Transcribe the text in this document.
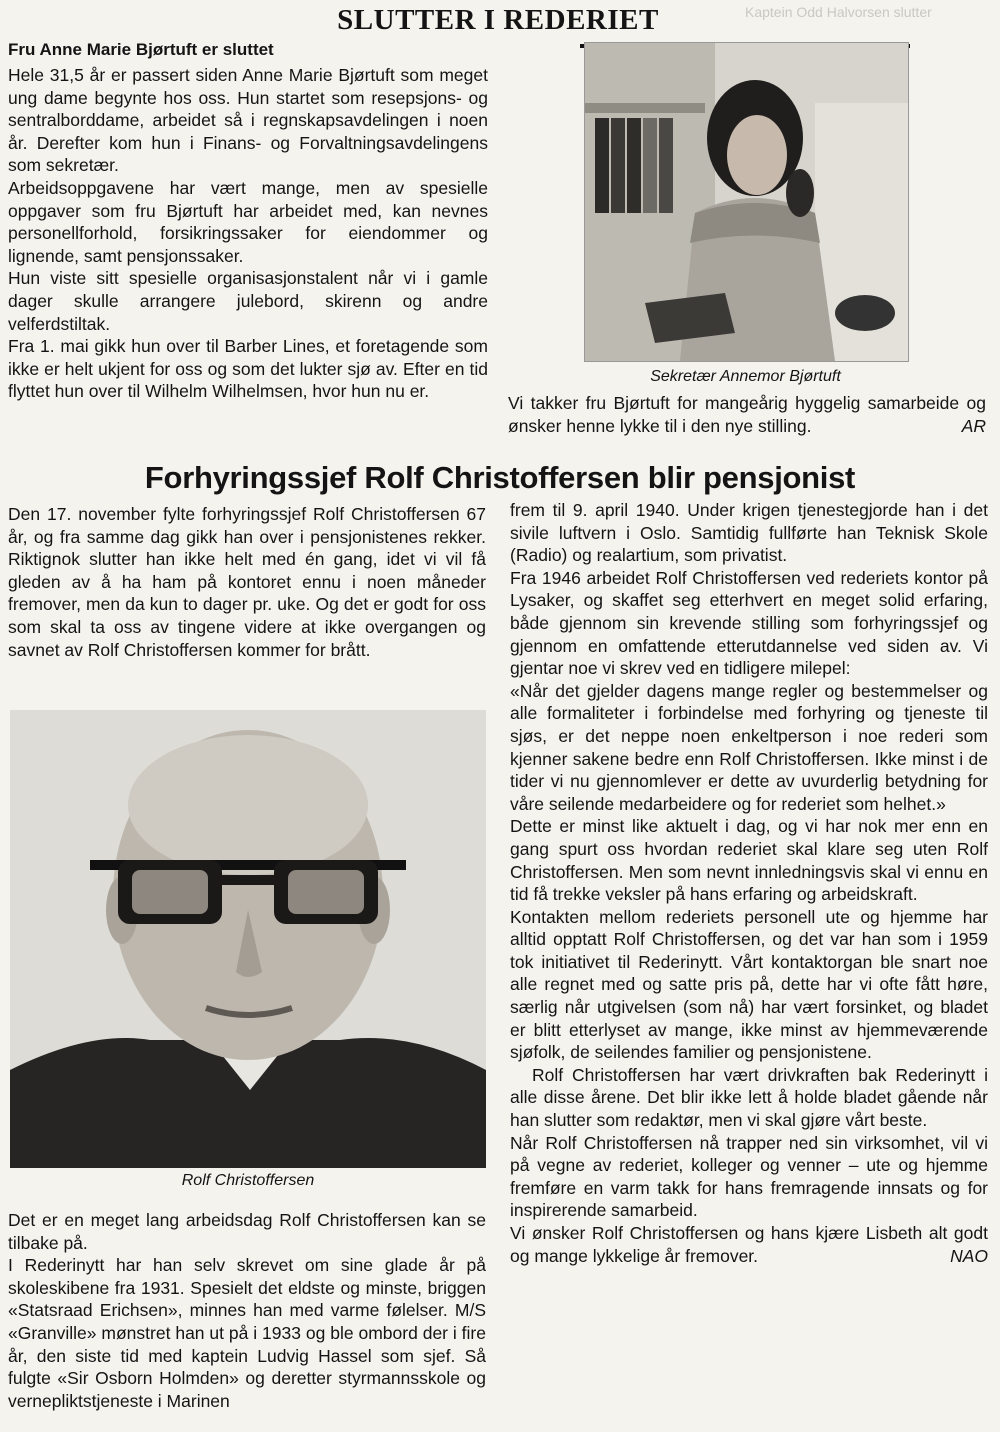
Kaptein Odd Halvorsen slutter
SLUTTER I REDERIET
Fru Anne Marie Bjørtuft er sluttet

Hele 31,5 år er passert siden Anne Marie Bjørtuft som meget ung dame begynte hos oss. Hun startet som resepsjons- og sentralborddame, arbeidet så i regnskapsavdelingen i noen år. Derefter kom hun i Finans- og Forvaltningsavdelingens som sekretær.

Arbeidsoppgavene har vært mange, men av spesielle oppgaver som fru Bjørtuft har arbeidet med, kan nevnes personellforhold, forsikringssaker for eiendommer og lignende, samt pensjonssaker.

Hun viste sitt spesielle organisasjonstalent når vi i gamle dager skulle arrangere julebord, skirenn og andre velferdstiltak.

Fra 1. mai gikk hun over til Barber Lines, et foretagende som ikke er helt ukjent for oss og som det lukter sjø av. Efter en tid flyttet hun over til Wilhelm Wilhelmsen, hvor hun nu er.

Sekretær Annemor Bjørtuft
Vi takker fru Bjørtuft for mangeårig hyggelig samarbeide og ønsker henne lykke til i den nye stilling.	AR
Forhyringssjef Rolf Christoffersen blir pensjonist

Den 17. november fylte forhyringssjef Rolf Christoffersen 67 år, og fra samme dag gikk han over i pensjonistenes rekker. Riktignok slutter han ikke helt med én gang, idet vi vil få gleden av å ha ham på kontoret ennu i noen måneder fremover, men da kun to dager pr. uke. Og det er godt for oss som skal ta oss av tingene videre at ikke overgangen og savnet av Rolf Christoffersen kommer for brått.

Rolf Christoffersen

Det er en meget lang arbeidsdag Rolf Christoffersen kan se tilbake på.

I Rederinytt har han selv skrevet om sine glade år på skoleskibene fra 1931. Spesielt det eldste og minste, briggen «Statsraad Erichsen», minnes han med varme følelser. M/S «Granville» mønstret han ut på i 1933 og ble ombord der i fire år, den siste tid med kaptein Ludvig Hassel som sjef. Så fulgte «Sir Osborn Holmden» og deretter styrmannsskole og vernepliktstjeneste i Marinen

frem til 9. april 1940. Under krigen tjenestegjorde han i det sivile luftvern i Oslo. Samtidig fullførte han Teknisk Skole (Radio) og realartium, som privatist.

Fra 1946 arbeidet Rolf Christoffersen ved rederiets kontor på Lysaker, og skaffet seg etterhvert en meget solid erfaring, både gjennom sin krevende stilling som forhyringssjef og gjennom en omfattende etterutdannelse ved siden av. Vi gjentar noe vi skrev ved en tidligere milepel:

«Når det gjelder dagens mange regler og bestemmelser og alle formaliteter i forbindelse med forhyring og tjeneste til sjøs, er det neppe noen enkeltperson i noe rederi som kjenner sakene bedre enn Rolf Christoffersen. Ikke minst i de tider vi nu gjennomlever er dette av uvurderlig betydning for våre seilende medarbeidere og for rederiet som helhet.»

Dette er minst like aktuelt i dag, og vi har nok mer enn en gang spurt oss hvordan rederiet skal klare seg uten Rolf Christoffersen. Men som nevnt innledningsvis skal vi ennu en tid få trekke veksler på hans erfaring og arbeidskraft.

Kontakten mellom rederiets personell ute og hjemme har alltid opptatt Rolf Christoffersen, og det var han som i 1959 tok initiativet til Rederinytt. Vårt kontaktorgan ble snart noe alle regnet med og satte pris på, dette har vi ofte fått høre, særlig når utgivelsen (som nå) har vært forsinket, og bladet er blitt etterlyset av mange, ikke minst av hjemmeværende sjøfolk, de seilendes familier og pensjonistene.

Rolf Christoffersen har vært drivkraften bak Rederinytt i alle disse årene. Det blir ikke lett å holde bladet gående når han slutter som redaktør, men vi skal gjøre vårt beste.

Når Rolf Christoffersen nå trapper ned sin virksomhet, vil vi på vegne av rederiet, kolleger og venner – ute og hjemme fremføre en varm takk for hans fremragende innsats og for inspirerende samarbeid.

Vi ønsker Rolf Christoffersen og hans kjære Lisbeth alt godt og mange lykkelige år fremover.	NAO
